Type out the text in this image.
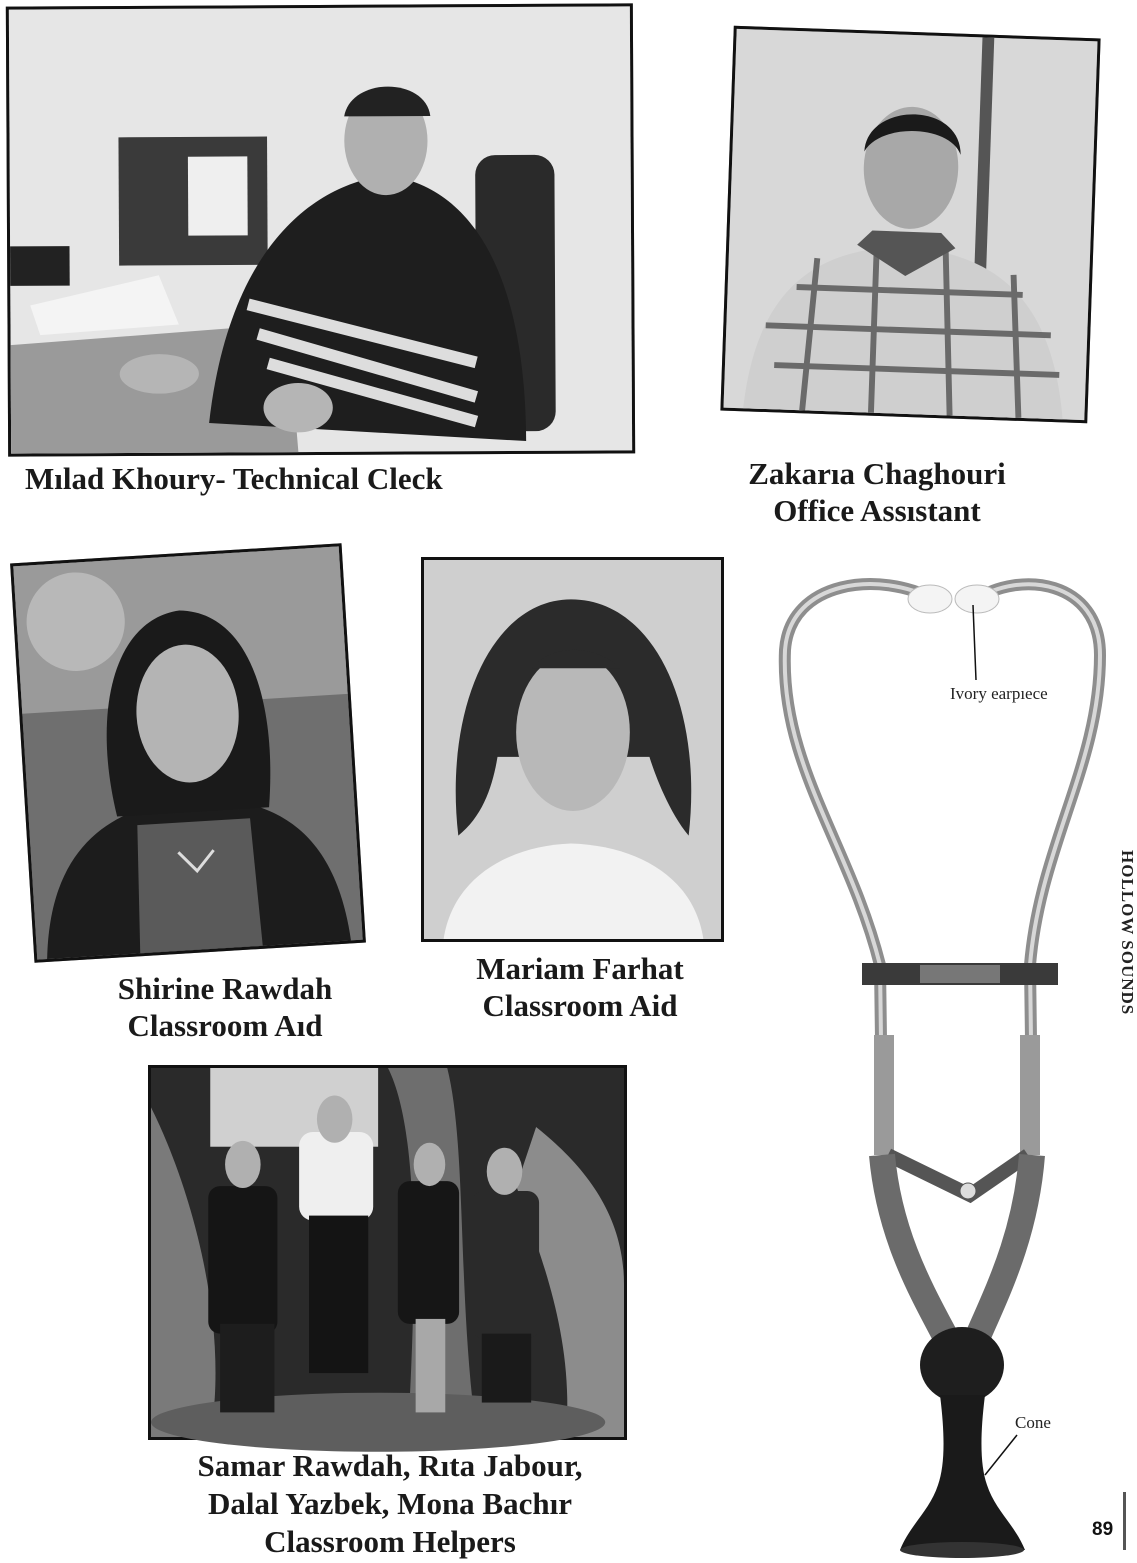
Mılad Khoury- Technical Cleck	Zakarıa Chaghouri
Office Assıstant
Shirine Rawdah
Classroom Aıd
Mariam Farhat
Classroom Aid
Samar Rawdah, Rıta Jabour,
Dalal Yazbek, Mona Bachır
Classroom Helpers
Ivory earpıece
Cone
HOLLOW SOUNDS
89
